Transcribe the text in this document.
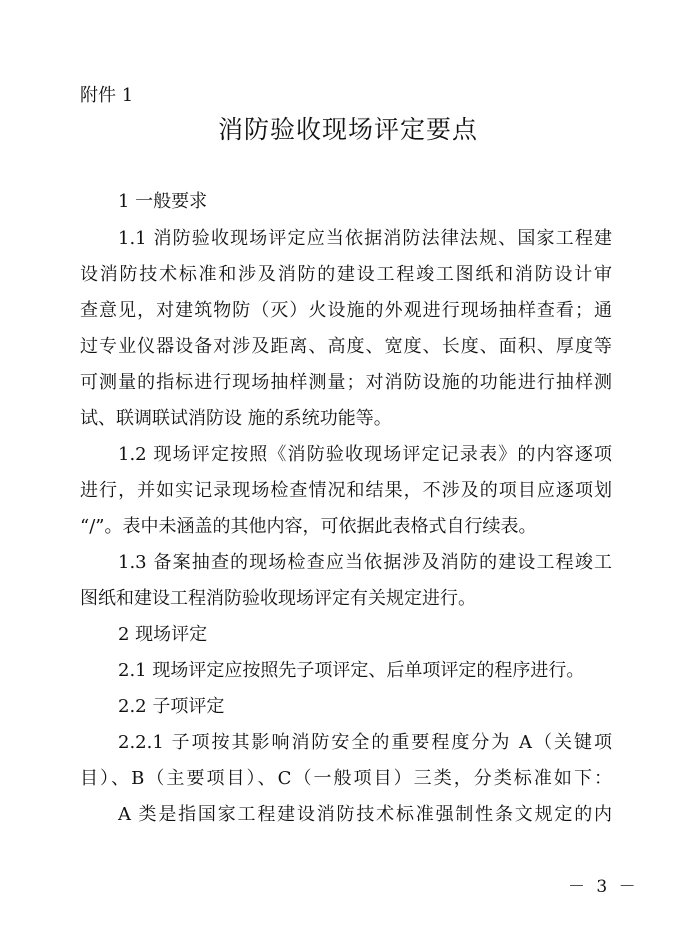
附件 1
消防验收现场评定要点
1 一般要求
1.1 消防验收现场评定应当依据消防法律法规、国家工程建
设消防技术标准和涉及消防的建设工程竣工图纸和消防设计审
查意见，对建筑物防（灭）火设施的外观进行现场抽样查看；通
过专业仪器设备对涉及距离、高度、宽度、长度、面积、厚度等
可测量的指标进行现场抽样测量；对消防设施的功能进行抽样测
试、联调联试消防设 施的系统功能等。
1.2 现场评定按照《消防验收现场评定记录表》的内容逐项
进行，并如实记录现场检查情况和结果，不涉及的项目应逐项划
“/”。表中未涵盖的其他内容，可依据此表格式自行续表。
1.3 备案抽查的现场检查应当依据涉及消防的建设工程竣工
图纸和建设工程消防验收现场评定有关规定进行。
2 现场评定
2.1 现场评定应按照先子项评定、后单项评定的程序进行。
2.2 子项评定
2.2.1 子项按其影响消防安全的重要程度分为 A（关键项
目）、B（主要项目）、C（一般项目）三类，分类标准如下：
A 类是指国家工程建设消防技术标准强制性条文规定的内
－ 3 －
